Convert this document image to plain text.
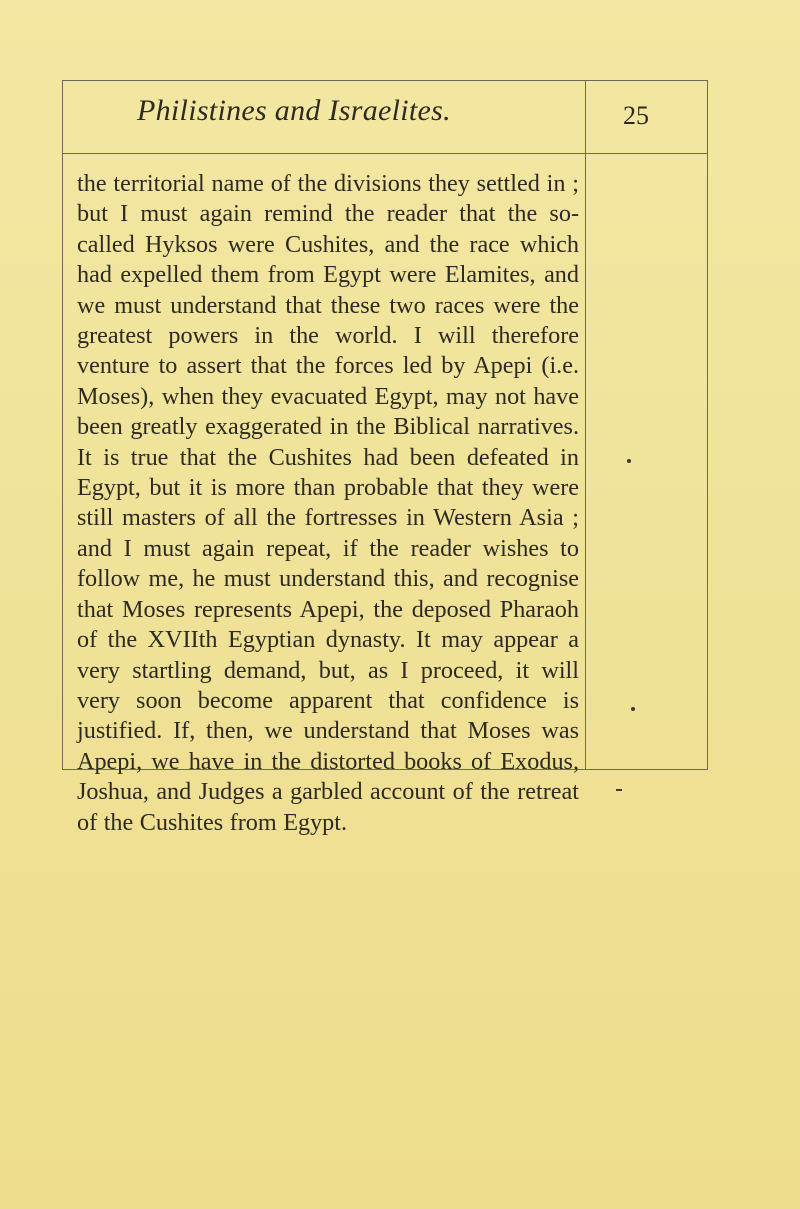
Philistines and Israelites.	25
the territorial name of the divisions they settled in ; but I must again remind the reader that the so-called Hyksos were Cushites, and the race which had expelled them from Egypt were Elamites, and we must understand that these two races were the greatest powers in the world. I will therefore venture to assert that the forces led by Apepi (i.e. Moses), when they evacuated Egypt, may not have been greatly exaggerated in the Biblical narratives. It is true that the Cushites had been defeated in Egypt, but it is more than probable that they were still masters of all the fortresses in Western Asia ; and I must again repeat, if the reader wishes to follow me, he must understand this, and recognise that Moses represents Apepi, the deposed Pharaoh of the XVIIth Egyptian dynasty. It may appear a very startling demand, but, as I proceed, it will very soon become apparent that confidence is justified. If, then, we understand that Moses was Apepi, we have in the distorted books of Exodus, Joshua, and Judges a garbled account of the retreat of the Cushites from Egypt.
